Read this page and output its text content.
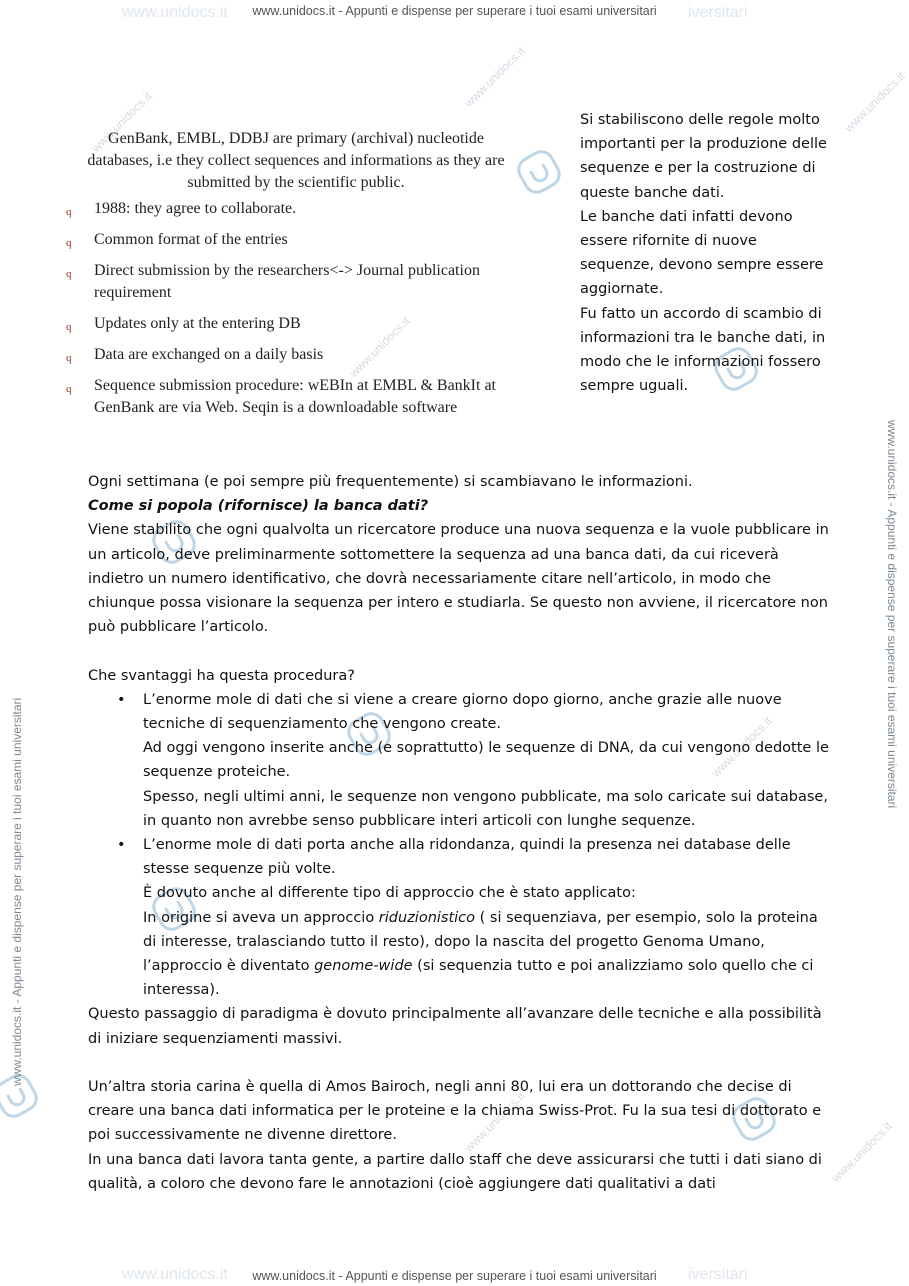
www.unidocs.it	iversitari
www.unidocs.it	iversitari
www.unidocs.it
www.unidocs.it	www.unidocs.it
www.unidocs.it
www.unidocs.it
www.unidocs.it	www.unidocs.it
www.unidocs.it - Appunti e dispense per superare i tuoi esami universitari
www.unidocs.it - Appunti e dispense per superare i tuoi esami universitari
www.unidocs.it - Appunti e dispense per superare i tuoi esami universitari
www.unidocs.it - Appunti e dispense per superare i tuoi esami universitari

GenBank, EMBL, DDBJ are primary (archival) nucleotide databases, i.e they collect sequences and informations as they are submitted by the scientific public.

q 1988: they agree to collaborate.
q Common format of the entries
q Direct submission by the researchers<-> Journal publication requirement
q Updates only at the entering DB
q Data are exchanged on a daily basis
q Sequence submission procedure: wEBIn at EMBL & BankIt at GenBank are via Web. Seqin is a downloadable software

Si stabiliscono delle regole molto importanti per la produzione delle sequenze e per la costruzione di queste banche dati.

Le banche dati infatti devono essere rifornite di nuove sequenze, devono sempre essere aggiornate.

Fu fatto un accordo di scambio di informazioni tra le banche dati, in modo che le informazioni fossero sempre uguali.

Ogni settimana (e poi sempre più frequentemente) si scambiavano le informazioni.

Come si popola (rifornisce) la banca dati?

Viene stabilito che ogni qualvolta un ricercatore produce una nuova sequenza e la vuole pubblicare in un articolo, deve preliminarmente sottomettere la sequenza ad una banca dati, da cui riceverà indietro un numero identificativo, che dovrà necessariamente citare nell’articolo, in modo che chiunque possa visionare la sequenza per intero e studiarla. Se questo non avviene, il ricercatore non può pubblicare l’articolo.

Che svantaggi ha questa procedura?

• L’enorme mole di dati che si viene a creare giorno dopo giorno, anche grazie alle nuove tecniche di sequenziamento che vengono create.
Ad oggi vengono inserite anche (e soprattutto) le sequenze di DNA, da cui vengono dedotte le sequenze proteiche.
Spesso, negli ultimi anni, le sequenze non vengono pubblicate, ma solo caricate sui database, in quanto non avrebbe senso pubblicare interi articoli con lunghe sequenze.
• L’enorme mole di dati porta anche alla ridondanza, quindi la presenza nei database delle stesse sequenze più volte.
È dovuto anche al differente tipo di approccio che è stato applicato:
In origine si aveva un approccio riduzionistico ( si sequenziava, per esempio, solo la proteina di interesse, tralasciando tutto il resto), dopo la nascita del progetto Genoma Umano, l’approccio è diventato genome-wide (si sequenzia tutto e poi analizziamo solo quello che ci interessa).

Questo passaggio di paradigma è dovuto principalmente all’avanzare delle tecniche e alla possibilità di iniziare sequenziamenti massivi.

Un’altra storia carina è quella di Amos Bairoch, negli anni 80, lui era un dottorando che decise di creare una banca dati informatica per le proteine e la chiama Swiss-Prot. Fu la sua tesi di dottorato e poi successivamente ne divenne direttore.

In una banca dati lavora tanta gente, a partire dallo staff che deve assicurarsi che tutti i dati siano di qualità, a coloro che devono fare le annotazioni (cioè aggiungere dati qualitativi a dati
